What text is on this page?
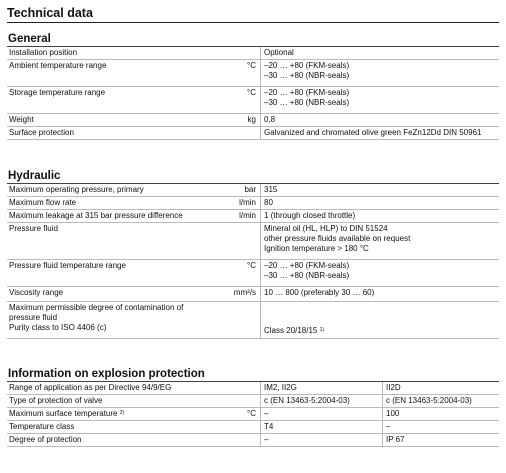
Technical data
General
Installation position	Optional
Ambient temperature range	°C	–20 … +80 (FKM-seals)
–30 … +80 (NBR-seals)
Storage temperature range	°C	–20 … +80 (FKM-seals)
–30 … +80 (NBR-seals)
Weight	kg	0,8
Surface protection	Galvanized and chromated olive green FeZn12Dd DIN 50961
Hydraulic
Maximum operating pressure, primary	bar	315
Maximum flow rate	l/min	80
Maximum leakage at 315 bar pressure difference	l/min	1 (through closed throttle)
Pressure fluid	Mineral oil (HL, HLP) to DIN 51524
other pressure fluids available on request
Ignition temperature > 180 °C
Pressure fluid temperature range	°C	–20 … +80 (FKM-seals)
–30 … +80 (NBR-seals)
Viscosity range	mm²/s	10 … 800 (preferably 30 … 60)
Maximum permissible degree of contamination of
pressure fluid
Purity class to ISO 4406 (c)	Class 20/18/15 $^{1)}$
Information on explosion protection
Range of application as per Directive 94/9/EG	IM2, II2G	II2D
Type of protection of valve	c (EN 13463-5:2004-03)	c (EN 13463-5:2004-03)
Maximum surface temperature $^{2)}$	°C	–	100
Temperature class	T4	–
Degree of protection	–	IP 67
